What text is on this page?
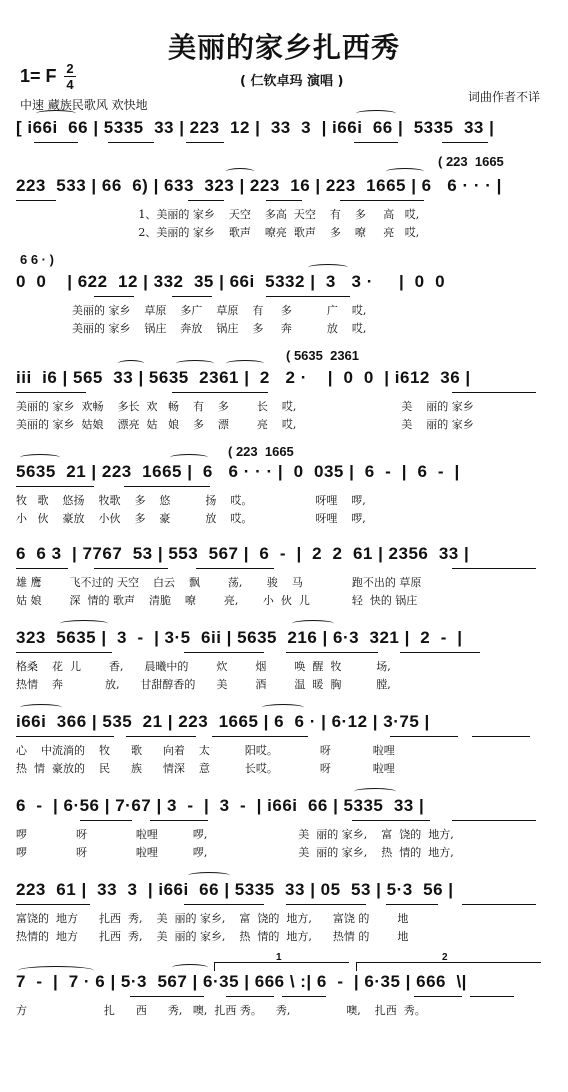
美丽的家乡扎西秀
1= F 2
4	( 仁钦卓玛 演唱 )
中速 藏族民歌风 欢快地
词曲作者不详
[ i66i  66 | 5335  33 | 223  12 |  33  3  | i66i  66 |  5335  33 |
( 223  1665
223  533 | 66  6) | 633  323 | 223  16 | 223  1665 | 6   6 · · · |
1、美丽的 家乡    天空    多高  天空    有    多     高   哎,
2、美丽的 家乡    歌声    嘹亮  歌声    多    嘹     亮   哎,
6 6 · )
0  0    | 622  12 | 332  35 | 66i  5332 |  3   3 ·     |  0  0
美丽的 家乡    草原    多广    草原    有     多          广    哎,
美丽的 家乡    锅庄    奔放    锅庄    多     奔          放    哎,
( 5635  2361
iii  i6 | 565  33 | 5635  2361 |  2   2 ·    |  0  0  | i612  36 |
美丽的 家乡  欢畅    多长  欢   畅    有    多        长    哎,                              美    丽的 家乡
美丽的 家乡  姑娘    漂亮  姑   娘    多    漂        亮    哎,                              美    丽的 家乡
( 223  1665
5635  21 | 223  1665 |  6   6 · · · |  0  035 |  6  -  |  6  -  |
牧   歌    悠扬    牧歌    多    悠          扬    哎。                  呀哩    啰,
小   伙    豪放    小伙    多    豪          放    哎。                  呀哩    啰,
6  6 3  | 7767  53 | 553  567 |  6  -  |  2  2  61 | 2356  33 |
雄 鹰        飞不过的 天空    白云    飘        荡,       骏    马              跑不出的 草原
姑 娘        深  情的 歌声    清脆    嘹        亮,       小  伙  儿            轻  快的 锅庄
323  5635 |  3  -  | 3·5  6ii | 5635  216 | 6·3  321 |  2  -  |
格桑    花  儿        香,      晨曦中的        炊        烟        唤  醒  牧          场,
热情    奔            放,      甘甜醇香的      美        酒        温  暖  胸          膛,
i66i  366 | 535  21 | 223  1665 | 6  6 · | 6·12 | 3·75 |
心    中流淌的    牧      歌      向着    太          阳哎。            呀            啦哩
热  情  豪放的    民      族      情深    意          长哎。            呀            啦哩
6  -  | 6·56 | 7·67 | 3  -  |  3  -  | i66i  66 | 5335  33 |
啰              呀              啦哩          啰,                          美  丽的 家乡,    富  饶的  地方,
啰              呀              啦哩          啰,                          美  丽的 家乡,    热  情的  地方,
223  61 |  33  3  | i66i  66 | 5335  33 | 05  53 | 5·3  56 |
富饶的  地方      扎西  秀,    美  丽的 家乡,    富  饶的  地方,      富饶 的        地
热情的  地方      扎西  秀,    美  丽的 家乡,    热  情的  地方,      热情 的        地
1	2
7  -  |  7 · 6 | 5·3  567 | 6·35 | 666 \ :| 6  -  | 6·35 | 666  \|
方                      扎      西      秀,   噢,  扎西 秀。    秀,                噢,    扎西  秀。
